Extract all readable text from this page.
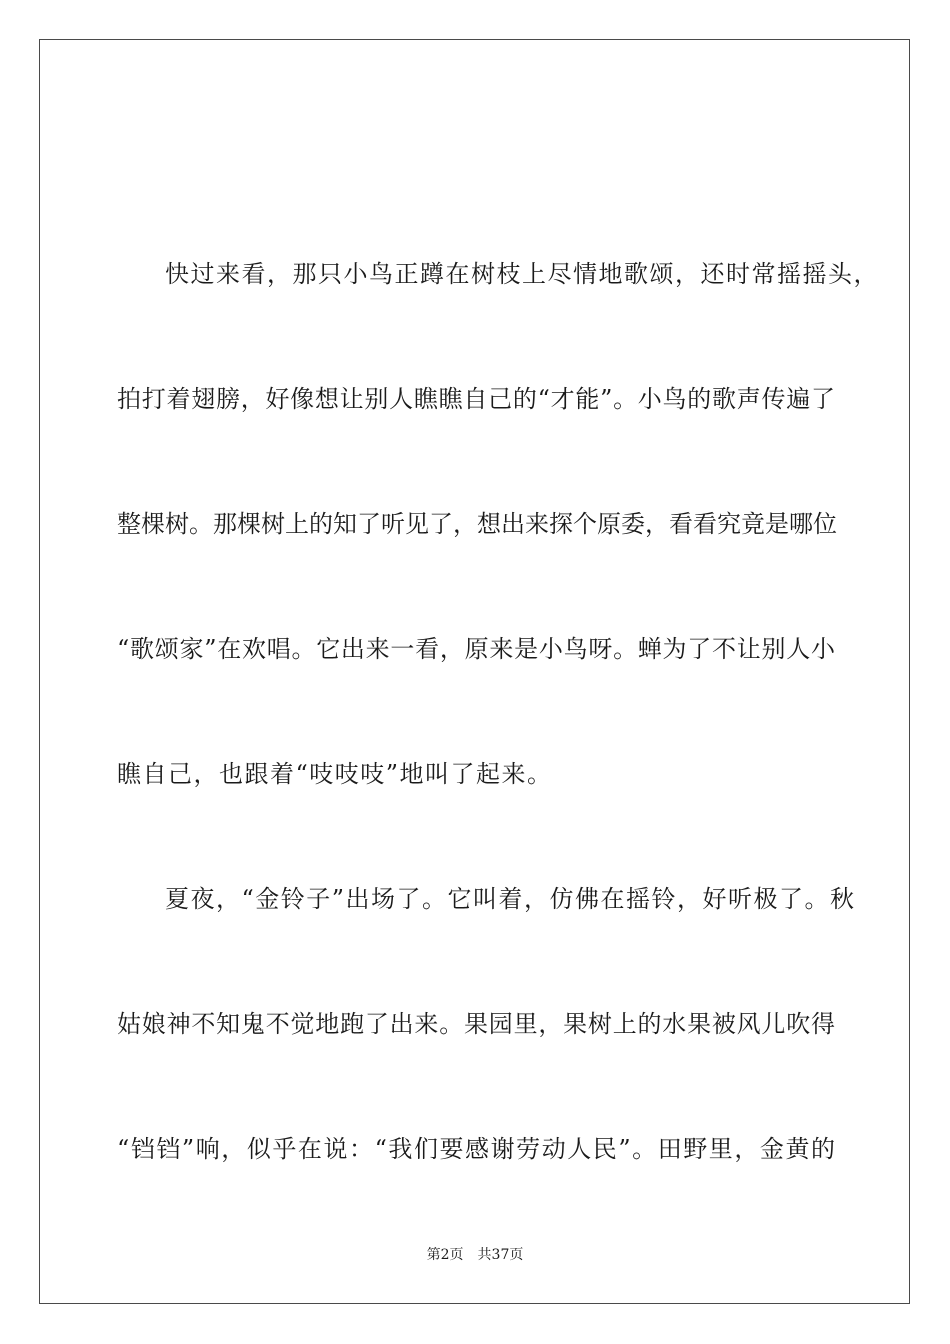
快过来看，那只小鸟正蹲在树枝上尽情地歌颂，还时常摇摇头，
拍打着翅膀，好像想让别人瞧瞧自己的“才能”。小鸟的歌声传遍了
整棵树。那棵树上的知了听见了，想出来探个原委，看看究竟是哪位
“歌颂家”在欢唱。它出来一看，原来是小鸟呀。蝉为了不让别人小
瞧自己，也跟着“吱吱吱”地叫了起来。
夏夜，“金铃子”出场了。它叫着，仿佛在摇铃，好听极了。秋
姑娘神不知鬼不觉地跑了出来。果园里，果树上的水果被风儿吹得
“铛铛”响，似乎在说：“我们要感谢劳动人民”。田野里，金黄的
第2页　共37页
